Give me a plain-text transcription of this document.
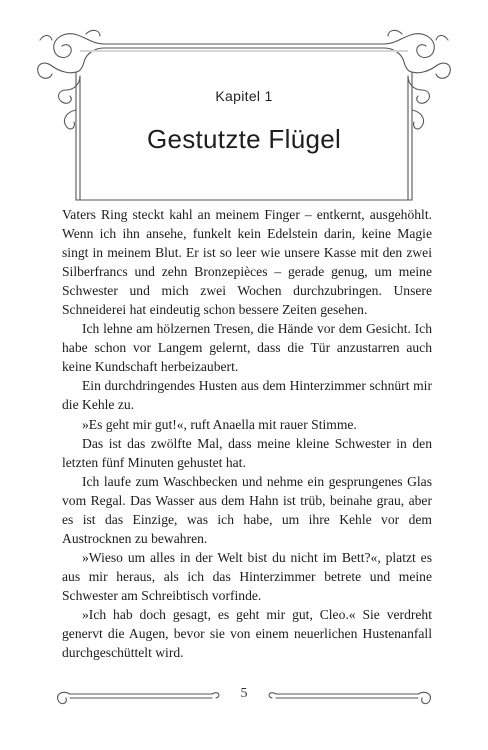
Kapitel 1
Gestutzte Flügel

Vaters Ring steckt kahl an meinem Finger – entkernt, ausgehöhlt. Wenn ich ihn ansehe, funkelt kein Edelstein darin, keine Magie singt in meinem Blut. Er ist so leer wie unsere Kasse mit den zwei Silberfrancs und zehn Bronzepièces – gerade genug, um meine Schwester und mich zwei Wochen durchzubringen. Unsere Schneiderei hat eindeutig schon bessere Zeiten gesehen.

Ich lehne am hölzernen Tresen, die Hände vor dem Gesicht. Ich habe schon vor Langem gelernt, dass die Tür anzustarren auch keine Kundschaft herbeizaubert.

Ein durchdringendes Husten aus dem Hinterzimmer schnürt mir die Kehle zu.

»Es geht mir gut!«, ruft Anaella mit rauer Stimme.

Das ist das zwölfte Mal, dass meine kleine Schwester in den letzten fünf Minuten gehustet hat.

Ich laufe zum Waschbecken und nehme ein gesprungenes Glas vom Regal. Das Wasser aus dem Hahn ist trüb, beinahe grau, aber es ist das Einzige, was ich habe, um ihre Kehle vor dem Austrocknen zu bewahren.

»Wieso um alles in der Welt bist du nicht im Bett?«, platzt es aus mir heraus, als ich das Hinterzimmer betrete und meine Schwester am Schreibtisch vorfinde.

»Ich hab doch gesagt, es geht mir gut, Cleo.« Sie verdreht genervt die Augen, bevor sie von einem neuerlichen Hustenanfall durchgeschüttelt wird.

5
